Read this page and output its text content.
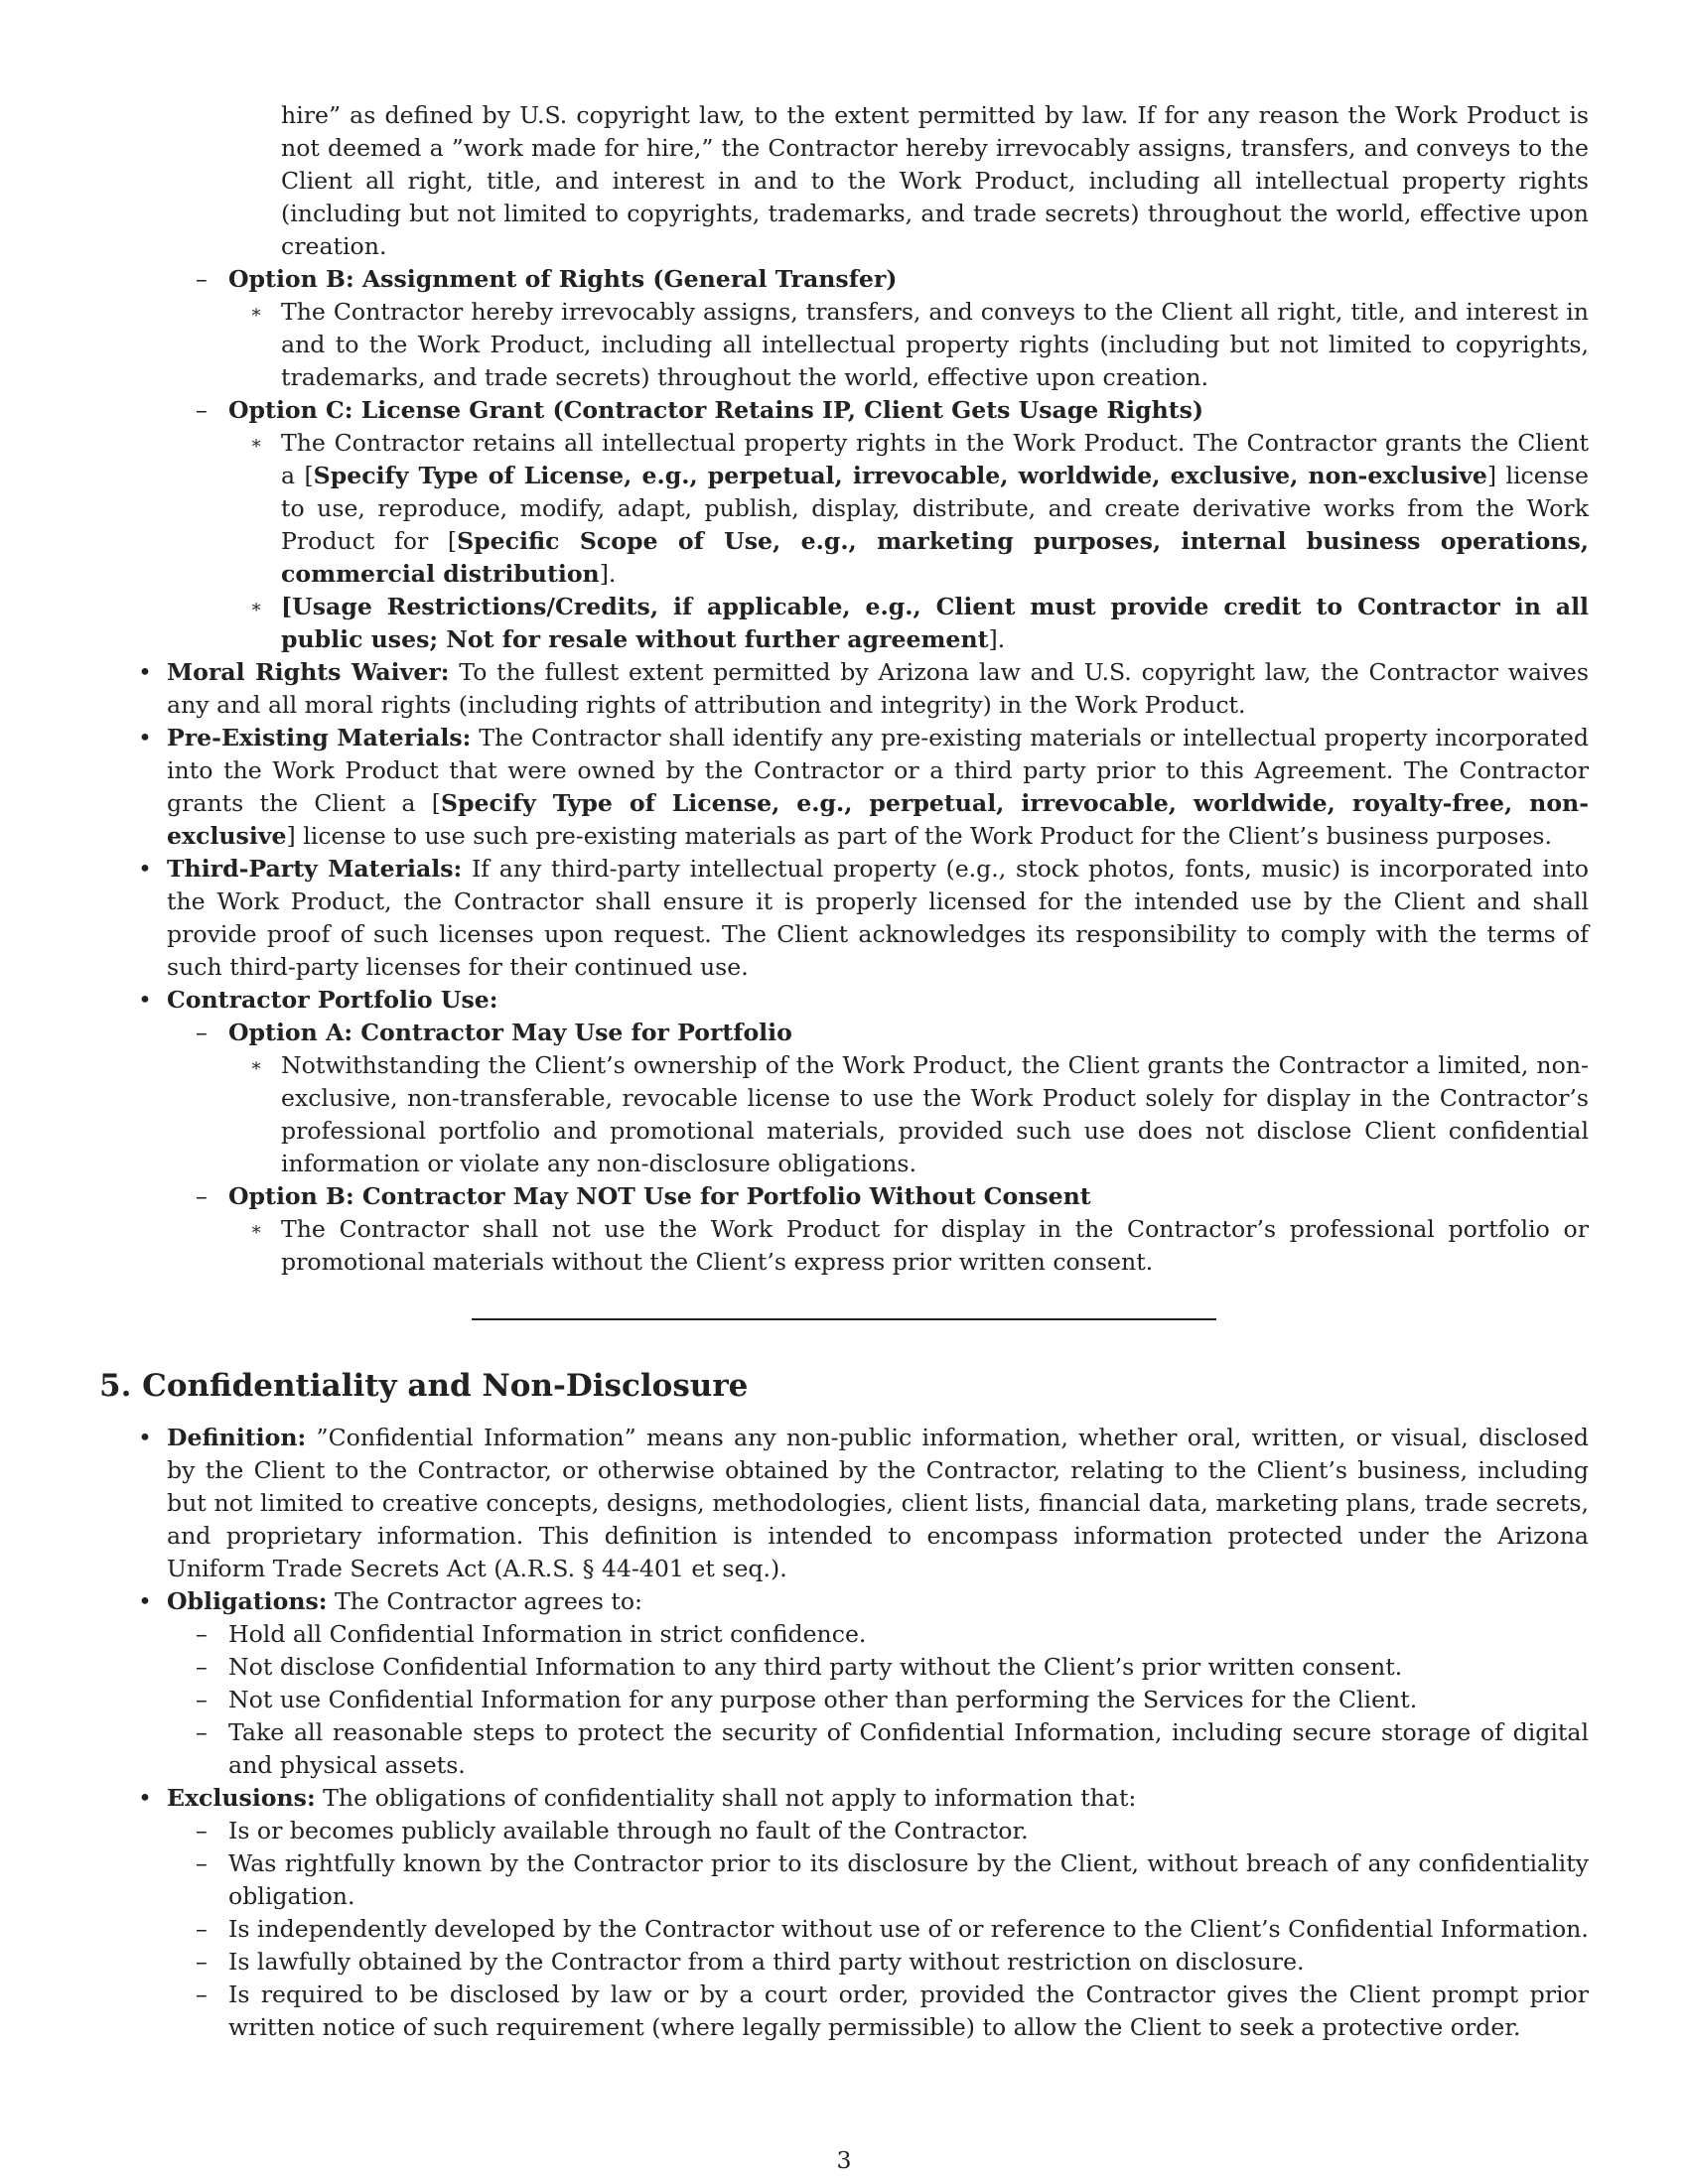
hire” as defined by U.S. copyright law, to the extent permitted by law. If for any reason the Work Product is not deemed a ”work made for hire,” the Contractor hereby irrevocably assigns, transfers, and conveys to the Client all right, title, and interest in and to the Work Product, including all intellectual property rights (including but not limited to copyrights, trademarks, and trade secrets) throughout the world, effective upon creation.
– Option B: Assignment of Rights (General Transfer)
∗ The Contractor hereby irrevocably assigns, transfers, and conveys to the Client all right, title, and interest in and to the Work Product, including all intellectual property rights (including but not limited to copyrights, trademarks, and trade secrets) throughout the world, effective upon creation.
– Option C: License Grant (Contractor Retains IP, Client Gets Usage Rights)
∗ The Contractor retains all intellectual property rights in the Work Product. The Contractor grants the Client a [Specify Type of License, e.g., perpetual, irrevocable, worldwide, exclusive, non-exclusive] license to use, reproduce, modify, adapt, publish, display, distribute, and create derivative works from the Work Product for [Specific Scope of Use, e.g., marketing purposes, internal business operations, commercial distribution].
∗ [Usage Restrictions/Credits, if applicable, e.g., Client must provide credit to Contractor in all public uses; Not for resale without further agreement].
• Moral Rights Waiver: To the fullest extent permitted by Arizona law and U.S. copyright law, the Contractor waives any and all moral rights (including rights of attribution and integrity) in the Work Product.
• Pre-Existing Materials: The Contractor shall identify any pre-existing materials or intellectual property incorporated into the Work Product that were owned by the Contractor or a third party prior to this Agreement. The Contractor grants the Client a [Specify Type of License, e.g., perpetual, irrevocable, worldwide, royalty-free, non-exclusive] license to use such pre-existing materials as part of the Work Product for the Client’s business purposes.
• Third-Party Materials: If any third-party intellectual property (e.g., stock photos, fonts, music) is incorporated into the Work Product, the Contractor shall ensure it is properly licensed for the intended use by the Client and shall provide proof of such licenses upon request. The Client acknowledges its responsibility to comply with the terms of such third-party licenses for their continued use.
• Contractor Portfolio Use:
– Option A: Contractor May Use for Portfolio
∗ Notwithstanding the Client’s ownership of the Work Product, the Client grants the Contractor a limited, non-exclusive, non-transferable, revocable license to use the Work Product solely for display in the Contractor’s professional portfolio and promotional materials, provided such use does not disclose Client confidential information or violate any non-disclosure obligations.
– Option B: Contractor May NOT Use for Portfolio Without Consent
∗ The Contractor shall not use the Work Product for display in the Contractor’s professional portfolio or promotional materials without the Client’s express prior written consent.
5. Confidentiality and Non-Disclosure
• Definition: ”Confidential Information” means any non-public information, whether oral, written, or visual, disclosed by the Client to the Contractor, or otherwise obtained by the Contractor, relating to the Client’s business, including but not limited to creative concepts, designs, methodologies, client lists, financial data, marketing plans, trade secrets, and proprietary information. This definition is intended to encompass information protected under the Arizona Uniform Trade Secrets Act (A.R.S. § 44-401 et seq.).
• Obligations: The Contractor agrees to:
– Hold all Confidential Information in strict confidence.
– Not disclose Confidential Information to any third party without the Client’s prior written consent.
– Not use Confidential Information for any purpose other than performing the Services for the Client.
– Take all reasonable steps to protect the security of Confidential Information, including secure storage of digital and physical assets.
• Exclusions: The obligations of confidentiality shall not apply to information that:
– Is or becomes publicly available through no fault of the Contractor.
– Was rightfully known by the Contractor prior to its disclosure by the Client, without breach of any confidentiality obligation.
– Is independently developed by the Contractor without use of or reference to the Client’s Confidential Information.
– Is lawfully obtained by the Contractor from a third party without restriction on disclosure.
– Is required to be disclosed by law or by a court order, provided the Contractor gives the Client prompt prior written notice of such requirement (where legally permissible) to allow the Client to seek a protective order.
3
